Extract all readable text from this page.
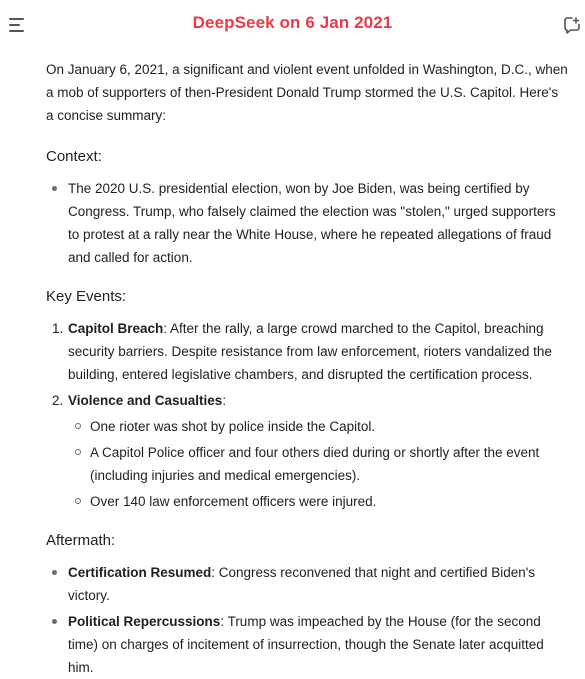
DeepSeek on 6 Jan 2021

On January 6, 2021, a significant and violent event unfolded in Washington, D.C., when a mob of supporters of then-President Donald Trump stormed the U.S. Capitol. Here's a concise summary:

Context:
The 2020 U.S. presidential election, won by Joe Biden, was being certified by Congress. Trump, who falsely claimed the election was "stolen," urged supporters to protest at a rally near the White House, where he repeated allegations of fraud and called for action.
Key Events:
1. Capitol Breach: After the rally, a large crowd marched to the Capitol, breaching security barriers. Despite resistance from law enforcement, rioters vandalized the building, entered legislative chambers, and disrupted the certification process.
2. Violence and Casualties:
One rioter was shot by police inside the Capitol.
A Capitol Police officer and four others died during or shortly after the event (including injuries and medical emergencies).
Over 140 law enforcement officers were injured.
Aftermath:
Certification Resumed: Congress reconvened that night and certified Biden's victory.
Political Repercussions: Trump was impeached by the House (for the second time) on charges of incitement of insurrection, though the Senate later acquitted him.
